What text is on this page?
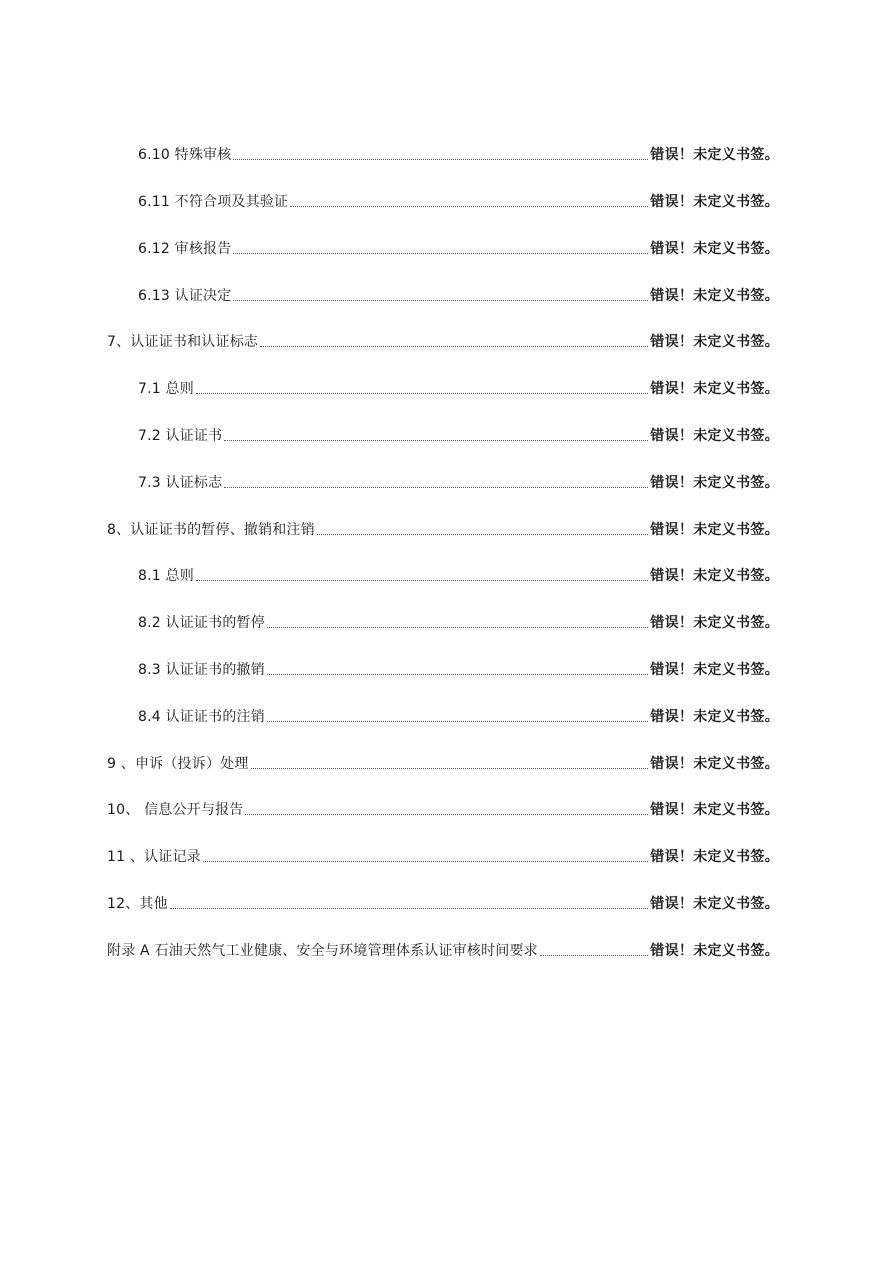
6.10 特殊审核	错误！未定义书签。
6.11 不符合项及其验证	错误！未定义书签。
6.12 审核报告	错误！未定义书签。
6.13 认证决定	错误！未定义书签。
7、认证证书和认证标志	错误！未定义书签。
7.1 总则	错误！未定义书签。
7.2 认证证书	错误！未定义书签。
7.3 认证标志	错误！未定义书签。
8、认证证书的暂停、撤销和注销	错误！未定义书签。
8.1 总则	错误！未定义书签。
8.2 认证证书的暂停	错误！未定义书签。
8.3 认证证书的撤销	错误！未定义书签。
8.4 认证证书的注销	错误！未定义书签。
9 、申诉（投诉）处理	错误！未定义书签。
10、 信息公开与报告	错误！未定义书签。
11 、认证记录	错误！未定义书签。
12、其他	错误！未定义书签。
附录 A 石油天然气工业健康、安全与环境管理体系认证审核时间要求	错误！未定义书签。
